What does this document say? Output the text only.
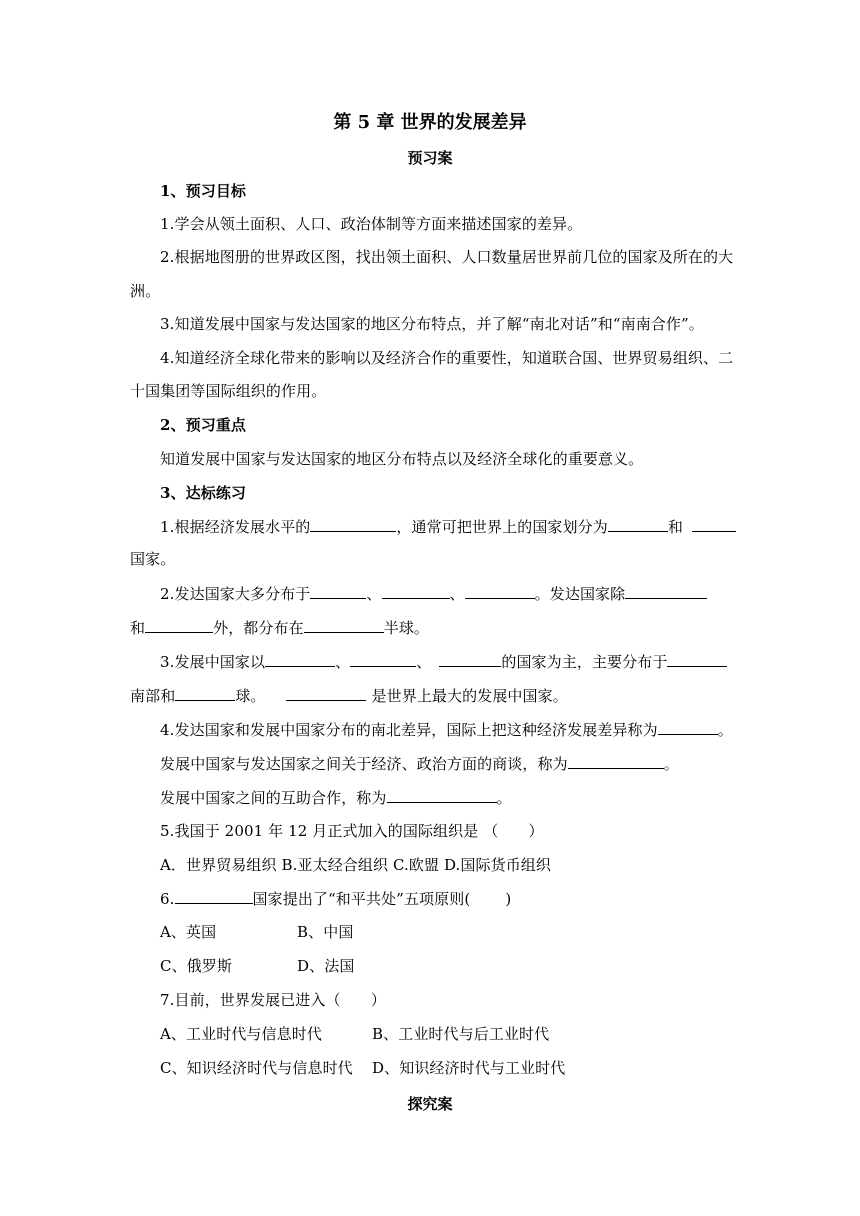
第 5 章 世界的发展差异
预习案
1、预习目标
1.学会从领土面积、人口、政治体制等方面来描述国家的差异。
2.根据地图册的世界政区图，找出领土面积、人口数量居世界前几位的国家及所在的大
洲。
3.知道发展中国家与发达国家的地区分布特点，并了解“南北对话”和“南南合作”。
4.知道经济全球化带来的影响以及经济合作的重要性，知道联合国、世界贸易组织、二
十国集团等国际组织的作用。
2、预习重点
知道发展中国家与发达国家的地区分布特点以及经济全球化的重要意义。
3、达标练习
1.根据经济发展水平的	，通常可把世界上的国家划分为	和
国家。
2.发达国家大多分布于	、	、	。发达国家除
和	外，都分布在	半球。
3.发展中国家以	、	、	的国家为主，主要分布于
南部和	球。	是世界上最大的发展中国家。
4.发达国家和发展中国家分布的南北差异，国际上把这种经济发展差异称为	。
发展中国家与发达国家之间关于经济、政治方面的商谈，称为	。
发展中国家之间的互助合作，称为	。
5.我国于 2001 年 12 月正式加入的国际组织是 （　　）
A．世界贸易组织 B.亚太经合组织 C.欧盟 D.国际货币组织
6.	国家提出了“和平共处”五项原则(　　 )
A、英国	B、中国
C、俄罗斯	D、法国
7.目前，世界发展已进入（　　）
A、工业时代与信息时代	B、工业时代与后工业时代
C、知识经济时代与信息时代 D、知识经济时代与工业时代
探究案
